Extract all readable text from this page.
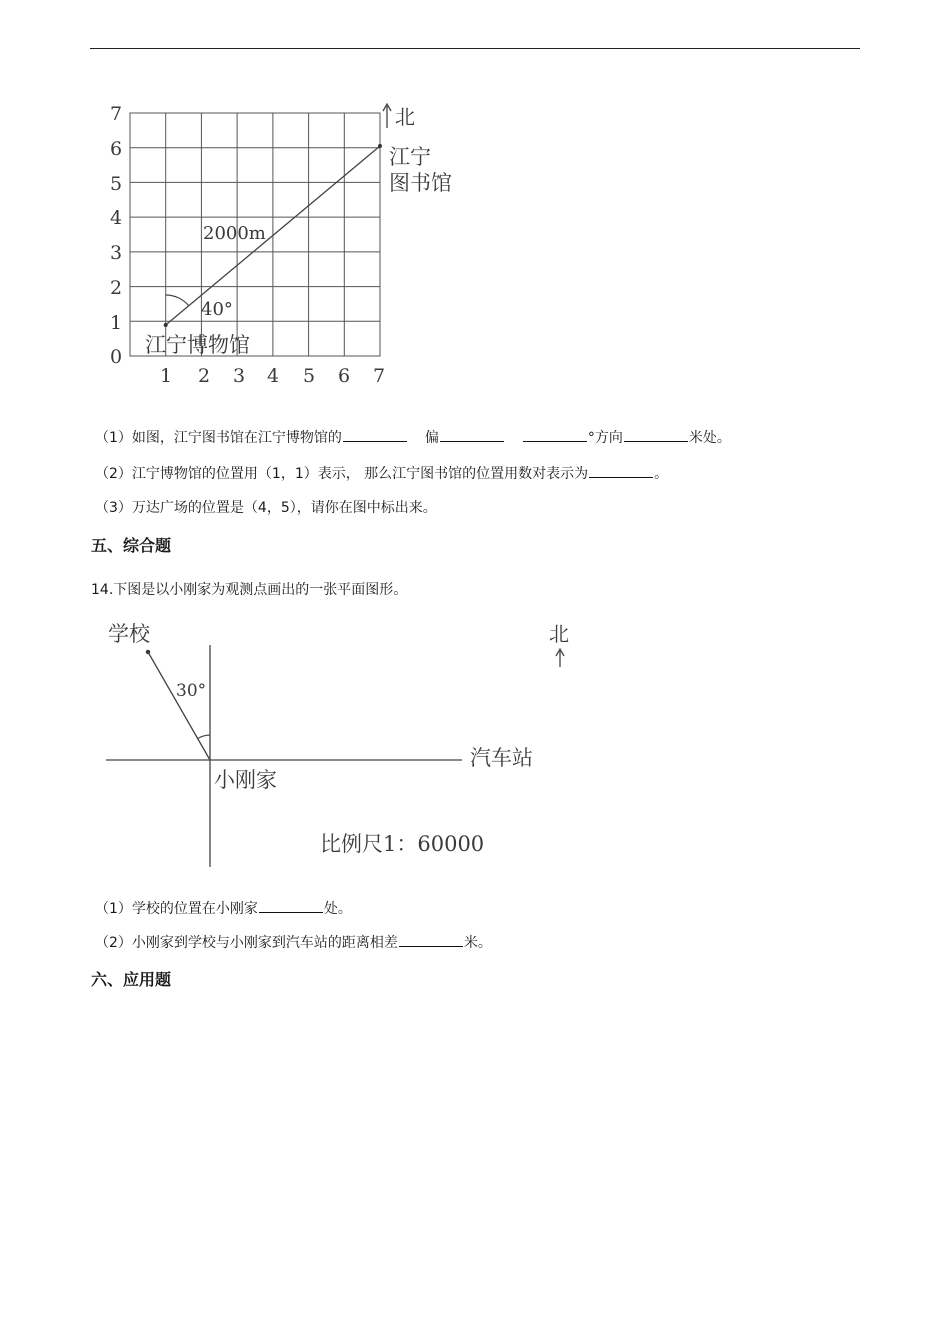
0
1
2
3
4
5
6
7
1 2 3 4 5 6 7
40°
2000m
北
江宁
图书馆
江宁博物馆
（1）如图，江宁图书馆在江宁博物馆的	偏	°方向	米处。
（2）江宁博物馆的位置用（1，1）表示， 那么江宁图书馆的位置用数对表示为	。
（3）万达广场的位置是（4，5），请你在图中标出来。
五、综合题
14.下图是以小刚家为观测点画出的一张平面图形。
学校
30°
汽车站
小刚家
比例尺1：60000
北
（1）学校的位置在小刚家	处。
（2）小刚家到学校与小刚家到汽车站的距离相差	米。
六、应用题
